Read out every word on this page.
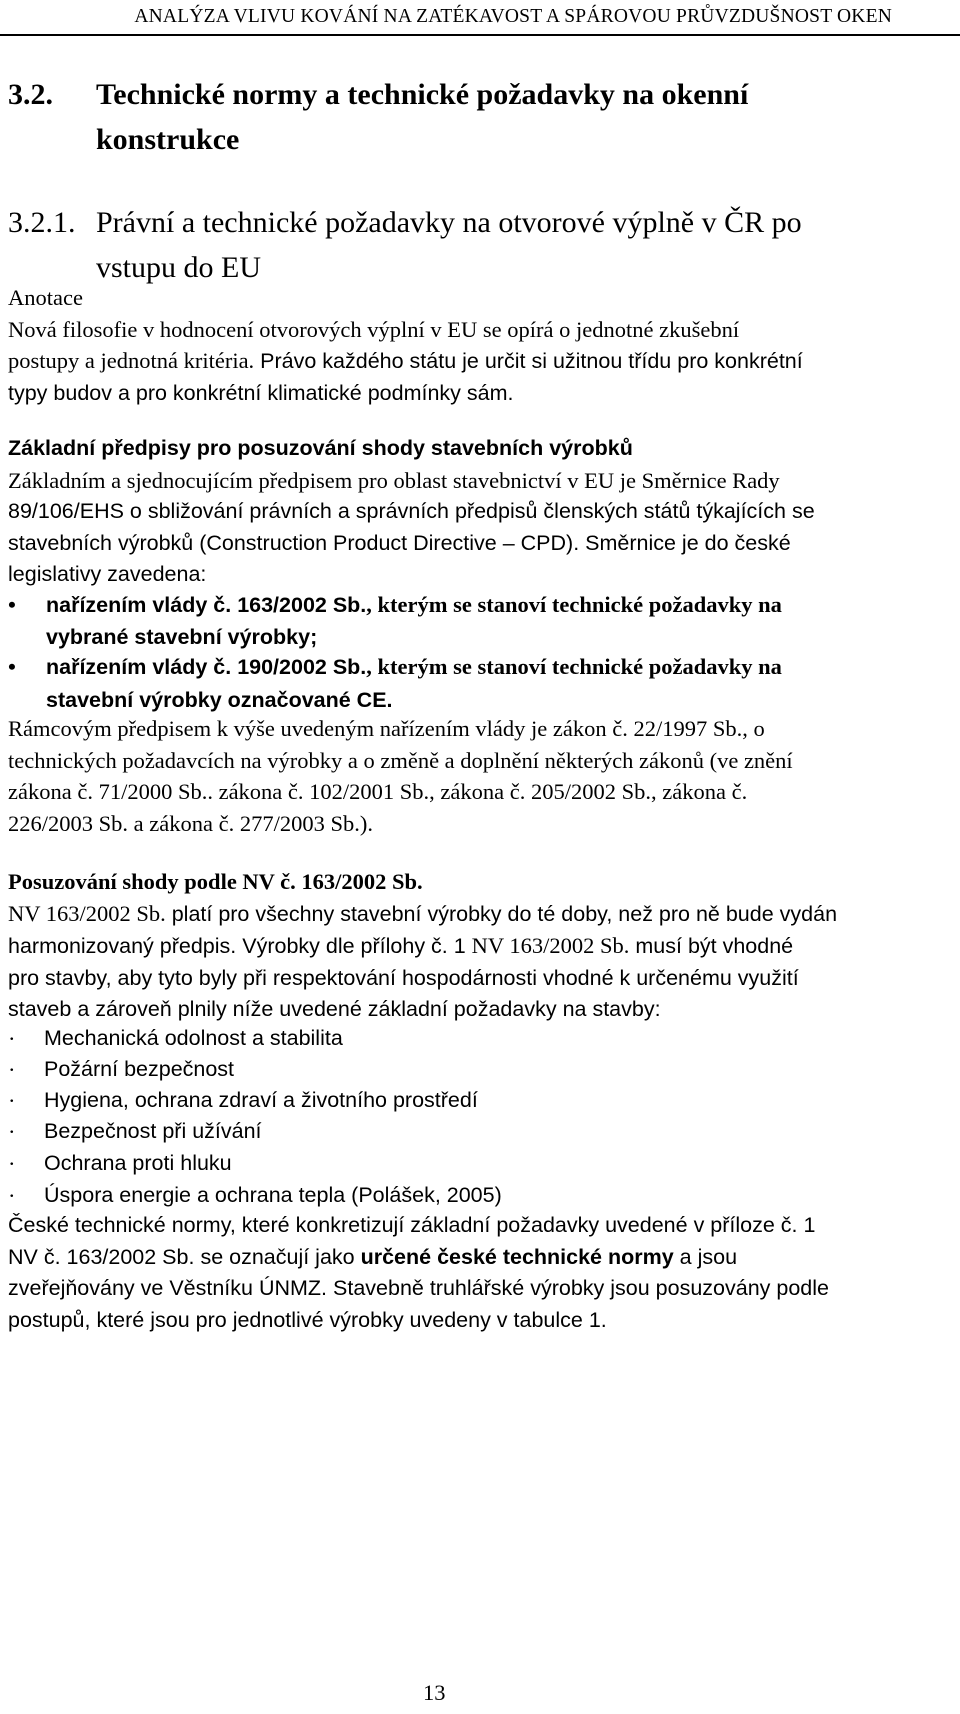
ANALÝZA VLIVU KOVÁNÍ NA ZATÉKAVOST A SPÁROVOU PRŮVZDUŠNOST OKEN
3.2. Technické normy a technické požadavky na okenní
konstrukce
3.2.1. Právní a technické požadavky na otvorové výplně v ČR po
vstupu do EU
Anotace
Nová filosofie v hodnocení otvorových výplní v EU se opírá o jednotné zkušební
postupy a jednotná kritéria. Právo každého státu je určit si užitnou třídu pro konkrétní
typy budov a pro konkrétní klimatické podmínky sám.
Základní předpisy pro posuzování shody stavebních výrobků
Základním a sjednocujícím předpisem pro oblast stavebnictví v EU je Směrnice Rady
89/106/EHS o sbližování právních a správních předpisů členských států týkajících se
stavebních výrobků (Construction Product Directive – CPD). Směrnice je do české
legislativy zavedena:
• nařízením vlády č. 163/2002 Sb., kterým se stanoví technické požadavky na
vybrané stavební výrobky;
• nařízením vlády č. 190/2002 Sb., kterým se stanoví technické požadavky na
stavební výrobky označované CE.
Rámcovým předpisem k výše uvedeným nařízením vlády je zákon č. 22/1997 Sb., o
technických požadavcích na výrobky a o změně a doplnění některých zákonů (ve znění
zákona č. 71/2000 Sb.. zákona č. 102/2001 Sb., zákona č. 205/2002 Sb., zákona č.
226/2003 Sb. a zákona č. 277/2003 Sb.).
Posuzování shody podle NV č. 163/2002 Sb.
NV 163/2002 Sb. platí pro všechny stavební výrobky do té doby, než pro ně bude vydán
harmonizovaný předpis. Výrobky dle přílohy č. 1 NV 163/2002 Sb. musí být vhodné
pro stavby, aby tyto byly při respektování hospodárnosti vhodné k určenému využití
staveb a zároveň plnily níže uvedené základní požadavky na stavby:
· Mechanická odolnost a stabilita
· Požární bezpečnost
· Hygiena, ochrana zdraví a životního prostředí
· Bezpečnost při užívání
· Ochrana proti hluku
· Úspora energie a ochrana tepla (Polášek, 2005)
České technické normy, které konkretizují základní požadavky uvedené v příloze č. 1
NV č. 163/2002 Sb. se označují jako určené české technické normy a jsou
zveřejňovány ve Věstníku ÚNMZ. Stavebně truhlářské výrobky jsou posuzovány podle
postupů, které jsou pro jednotlivé výrobky uvedeny v tabulce 1.
13
